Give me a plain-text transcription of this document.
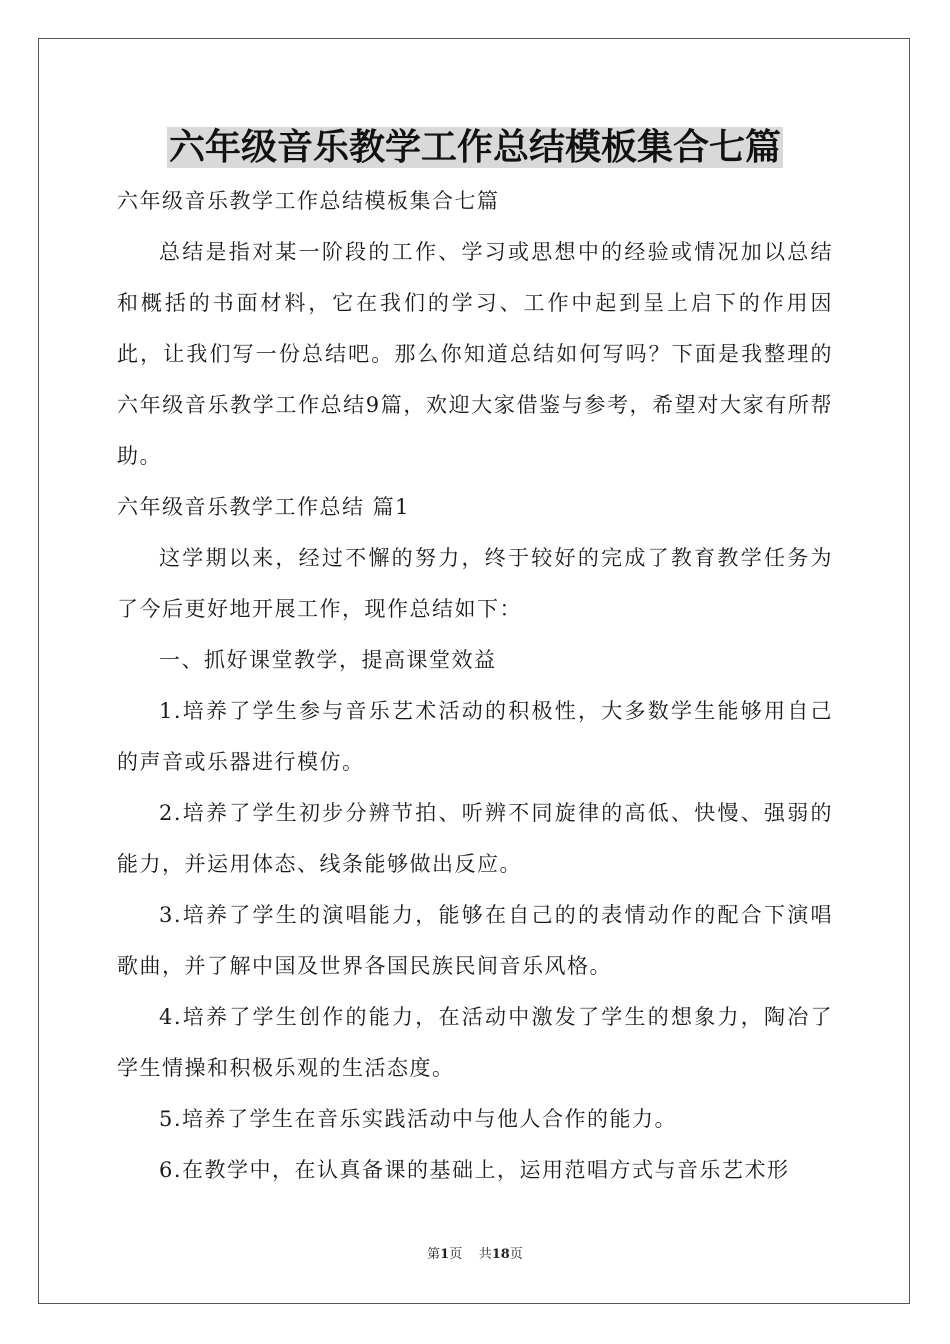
六年级音乐教学工作总结模板集合七篇

六年级音乐教学工作总结模板集合七篇

总结是指对某一阶段的工作、学习或思想中的经验或情况加以总结和概括的书面材料，它在我们的学习、工作中起到呈上启下的作用因此，让我们写一份总结吧。那么你知道总结如何写吗？下面是我整理的六年级音乐教学工作总结9篇，欢迎大家借鉴与参考，希望对大家有所帮助。

六年级音乐教学工作总结 篇1

这学期以来，经过不懈的努力，终于较好的完成了教育教学任务为了今后更好地开展工作，现作总结如下：

一、抓好课堂教学，提高课堂效益

1.培养了学生参与音乐艺术活动的积极性，大多数学生能够用自己的声音或乐器进行模仿。

2.培养了学生初步分辨节拍、听辨不同旋律的高低、快慢、强弱的能力，并运用体态、线条能够做出反应。

3.培养了学生的演唱能力，能够在自己的的表情动作的配合下演唱歌曲，并了解中国及世界各国民族民间音乐风格。

4.培养了学生创作的能力，在活动中激发了学生的想象力，陶冶了学生情操和积极乐观的生活态度。

5.培养了学生在音乐实践活动中与他人合作的能力。

6.在教学中，在认真备课的基础上，运用范唱方式与音乐艺术形

第1页    共18页
